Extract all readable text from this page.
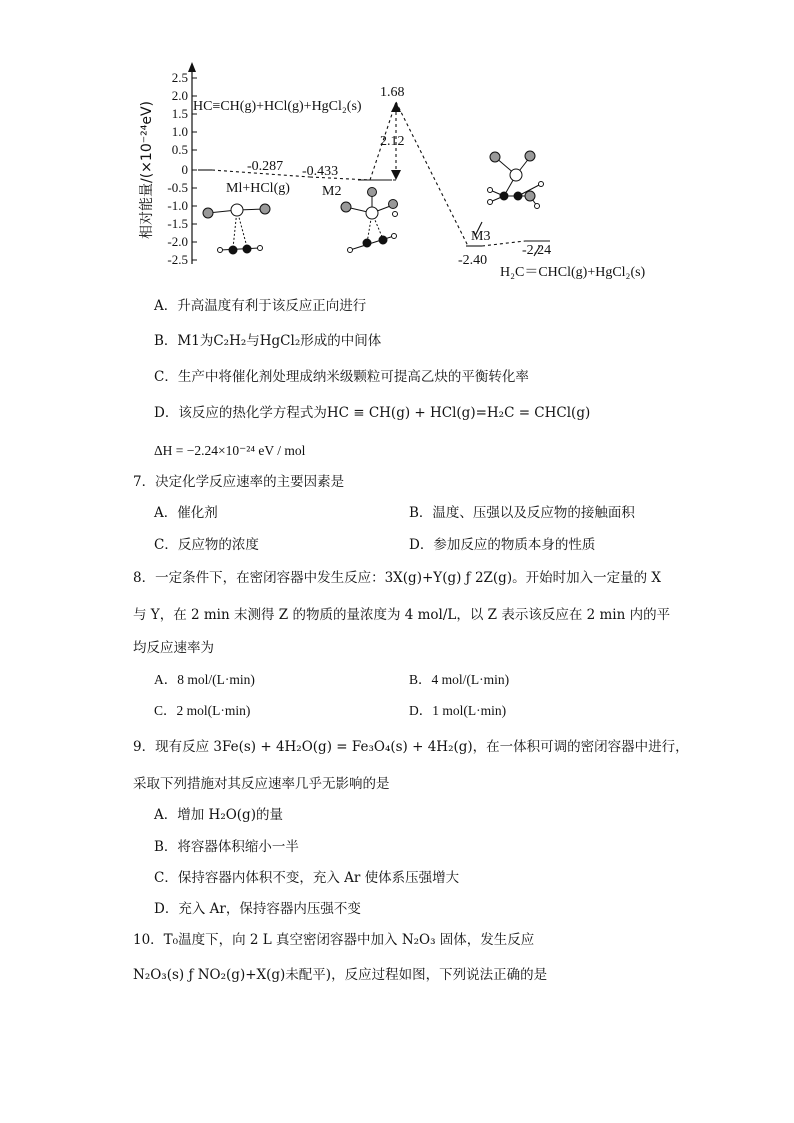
2.5
2.0
1.5
1.0
0.5
0
-0.5
-1.0
-1.5
-2.0
-2.5
相对能量/(×10⁻²⁴eV)	HC≡CH(g)+HCl(g)+HgCl₂(s)
-0.287 -0.433
1.68
2.12
Ml+HCl(g) M2
M3
-2.40
-2.24
H₂C＝CHCl(g)+HgCl₂(s)
A．升高温度有利于该反应正向进行
B．M1为C₂H₂与HgCl₂形成的中间体
C．生产中将催化剂处理成纳米级颗粒可提高乙炔的平衡转化率
D．该反应的热化学方程式为HC ≡ CH(g) + HCl(g)=H₂C = CHCl(g)
ΔH = −2.24×10⁻²⁴ eV / mol
7．决定化学反应速率的主要因素是
A．催化剂	B．温度、压强以及反应物的接触面积
C．反应物的浓度	D．参加反应的物质本身的性质
8．一定条件下，在密闭容器中发生反应：3X(g)+Y(g) ƒ 2Z(g)。开始时加入一定量的 X
与 Y，在 2 min 末测得 Z 的物质的量浓度为 4 mol/L，以 Z 表示该反应在 2 min 内的平
均反应速率为
A．8 mol/(L·min)	B．4 mol/(L·min)
C．2 mol(L·min)	D．1 mol(L·min)
9．现有反应 3Fe(s) + 4H₂O(g) = Fe₃O₄(s) + 4H₂(g)，在一体积可调的密闭容器中进行，
采取下列措施对其反应速率几乎无影响的是
A．增加 H₂O(g)的量
B．将容器体积缩小一半
C．保持容器内体积不变，充入 Ar 使体系压强增大
D．充入 Ar，保持容器内压强不变
10．T₀温度下，向 2 L 真空密闭容器中加入 N₂O₃ 固体，发生反应
N₂O₃(s) ƒ NO₂(g)+X(g)未配平)，反应过程如图，下列说法正确的是
